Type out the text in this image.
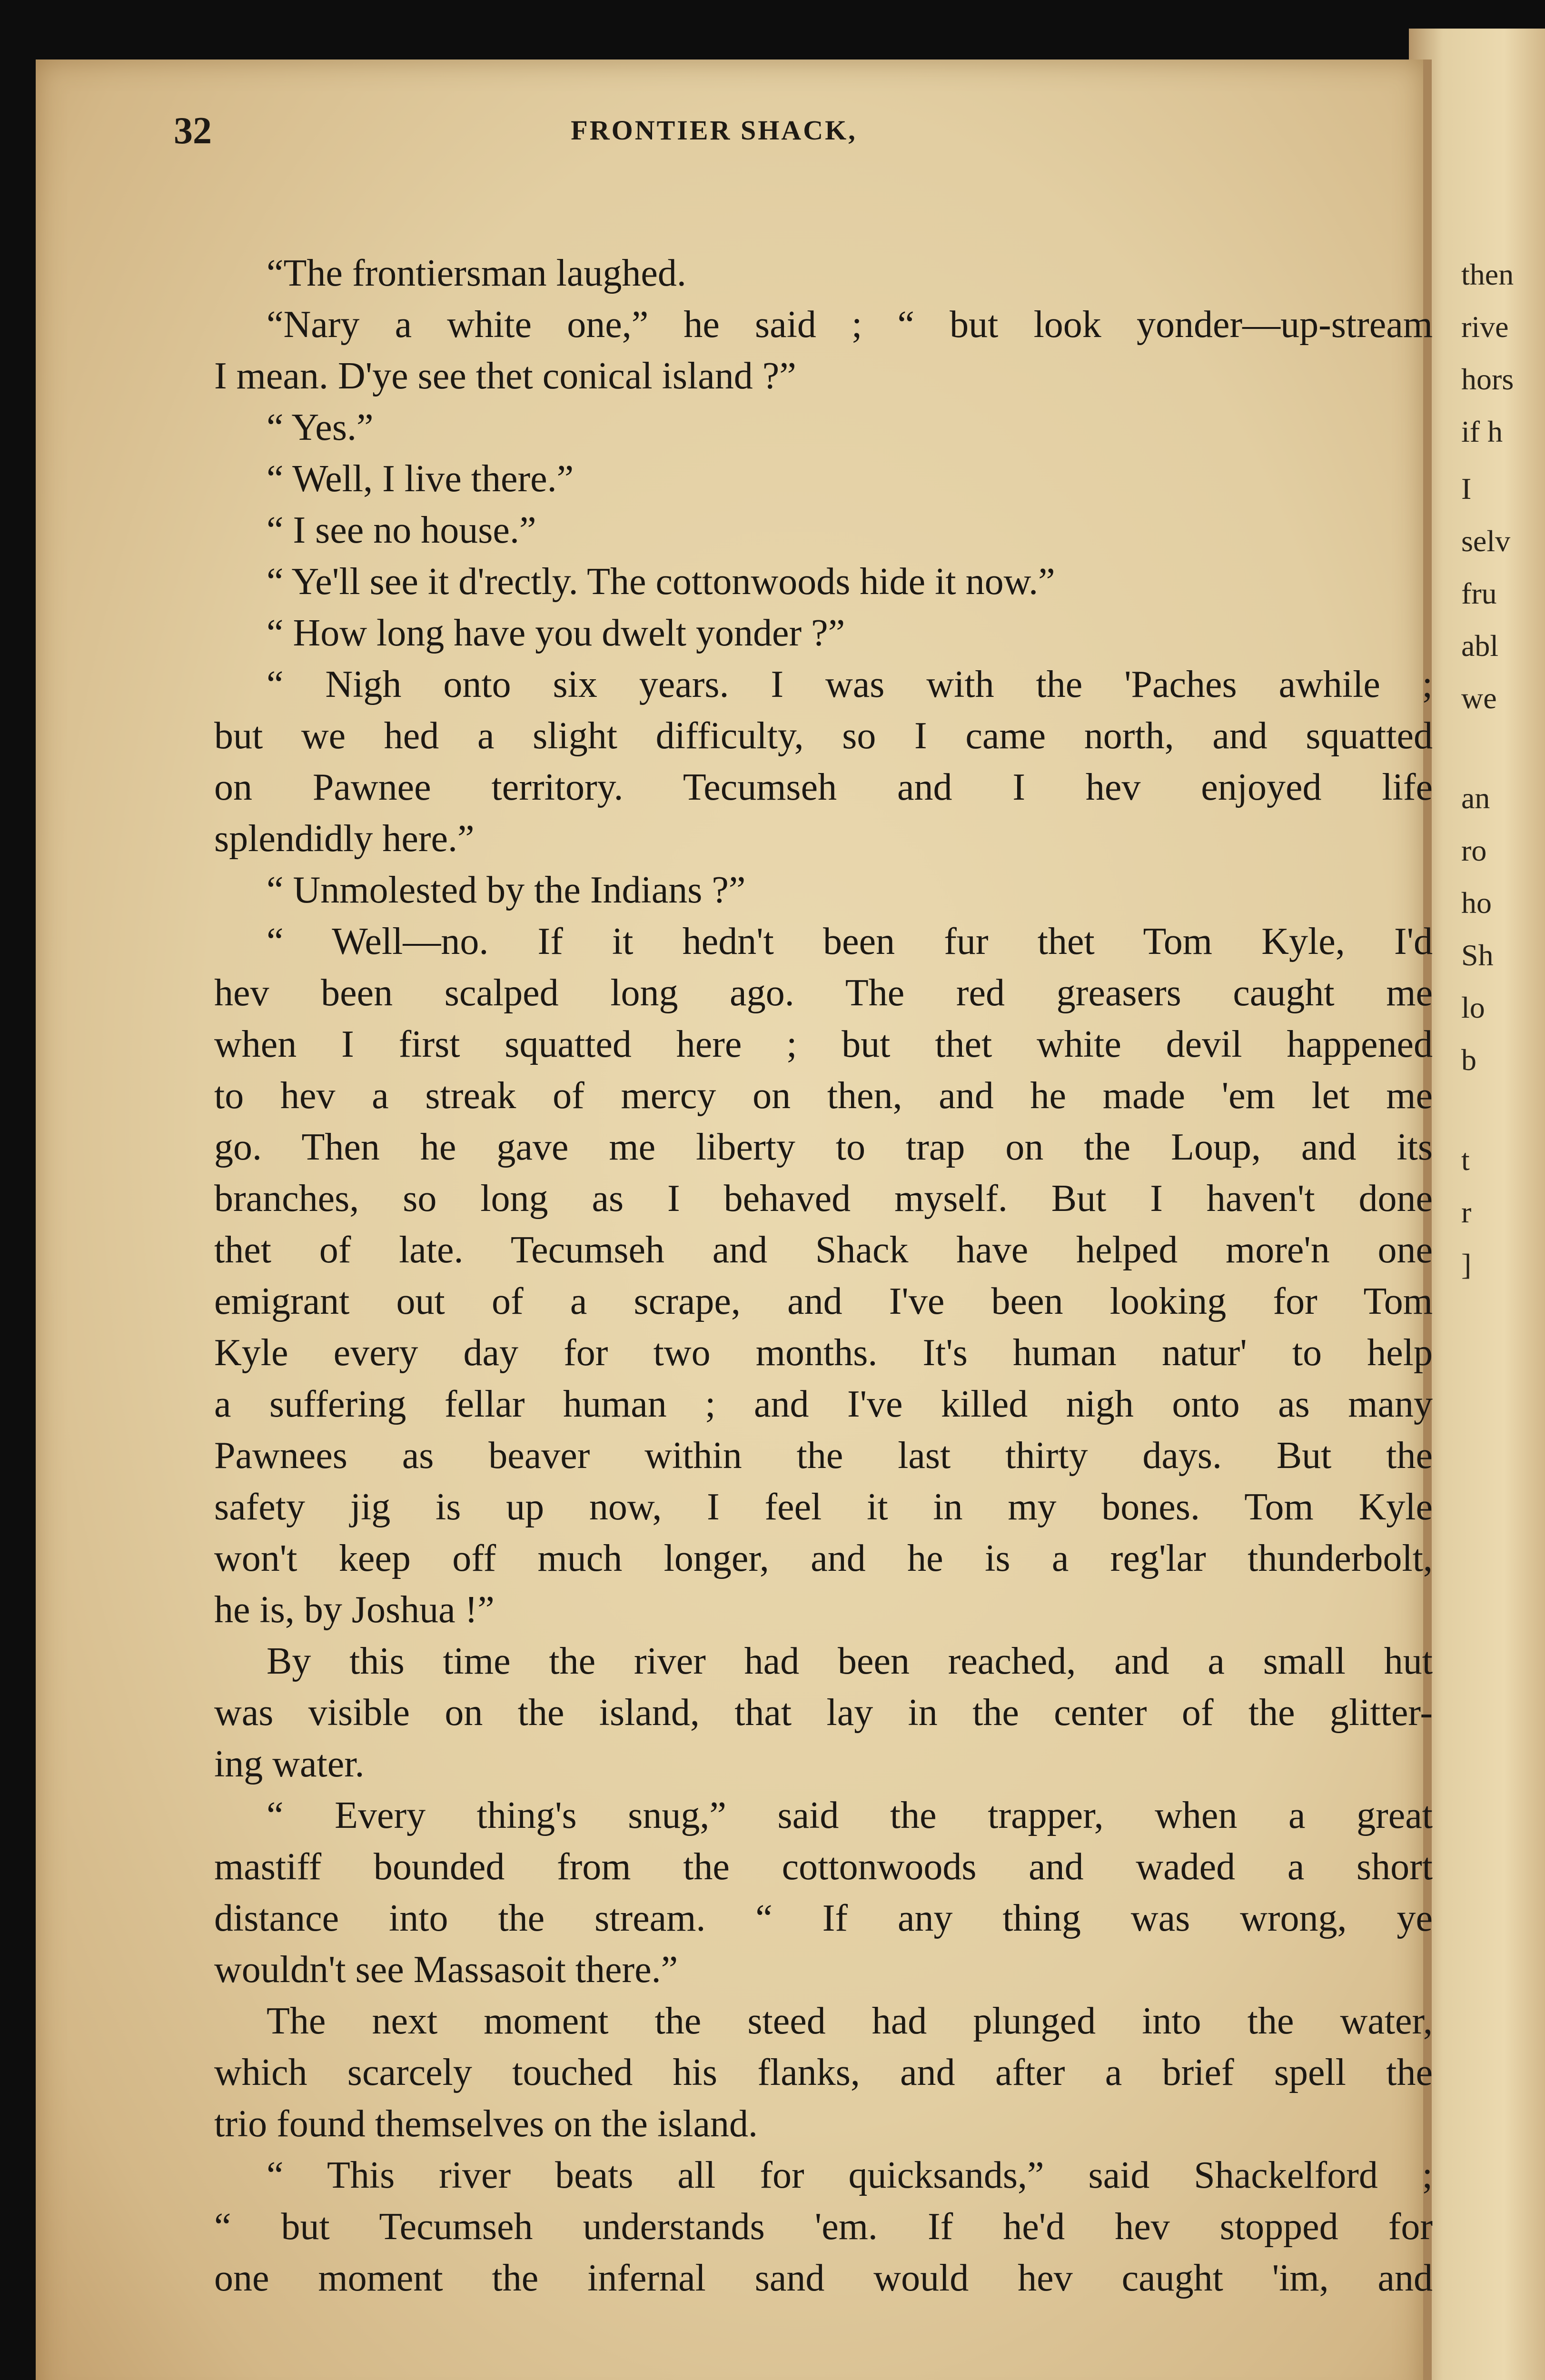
then
rive
hors
if h
I
selv
fru
abl
we
an
ro
ho
Sh
lo
b
t
r
]
32	FRONTIER SHACK,
“The frontiersman laughed.
“Nary a white one,” he said ; “ but look yonder—up-stream
I mean. D'ye see thet conical island ?”
“ Yes.”
“ Well, I live there.”
“ I see no house.”
“ Ye'll see it d'rectly. The cottonwoods hide it now.”
“ How long have you dwelt yonder ?”
“ Nigh onto six years. I was with the 'Paches awhile ;
but we hed a slight difficulty, so I came north, and squatted
on Pawnee territory. Tecumseh and I hev enjoyed life
splendidly here.”
“ Unmolested by the Indians ?”
“ Well—no. If it hedn't been fur thet Tom Kyle, I'd
hev been scalped long ago. The red greasers caught me
when I first squatted here ; but thet white devil happened
to hev a streak of mercy on then, and he made 'em let me
go. Then he gave me liberty to trap on the Loup, and its
branches, so long as I behaved myself. But I haven't done
thet of late. Tecumseh and Shack have helped more'n one
emigrant out of a scrape, and I've been looking for Tom
Kyle every day for two months. It's human natur' to help
a suffering fellar human ; and I've killed nigh onto as many
Pawnees as beaver within the last thirty days. But the
safety jig is up now, I feel it in my bones. Tom Kyle
won't keep off much longer, and he is a reg'lar thunderbolt,
he is, by Joshua !”
By this time the river had been reached, and a small hut
was visible on the island, that lay in the center of the glitter-
ing water.
“ Every thing's snug,” said the trapper, when a great
mastiff bounded from the cottonwoods and waded a short
distance into the stream. “ If any thing was wrong, ye
wouldn't see Massasoit there.”
The next moment the steed had plunged into the water,
which scarcely touched his flanks, and after a brief spell the
trio found themselves on the island.
“ This river beats all for quicksands,” said Shackelford ;
“ but Tecumseh understands 'em. If he'd hev stopped for
one moment the infernal sand would hev caught 'im, and
